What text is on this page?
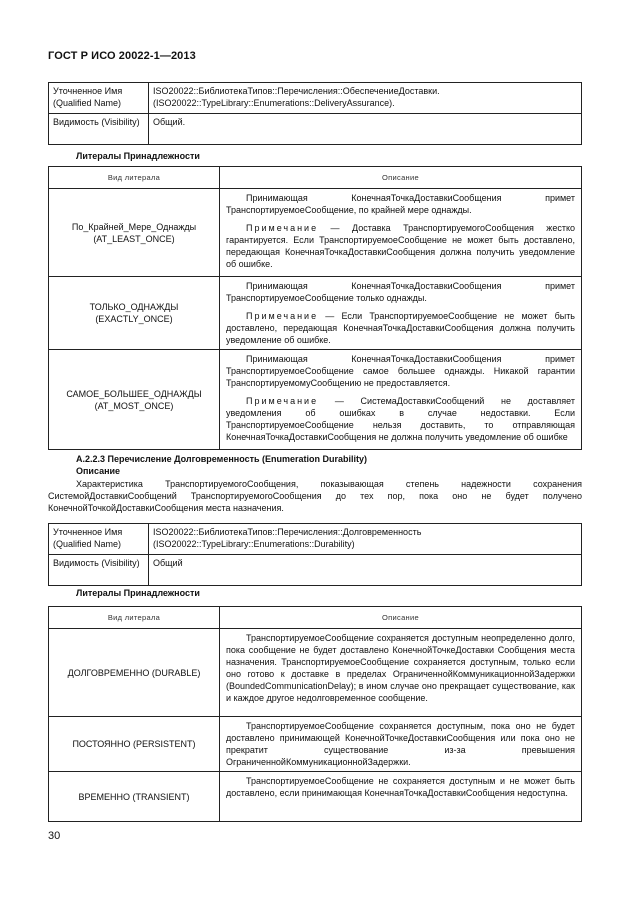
ГОСТ Р ИСО 20022-1—2013
Уточненное Имя (Qualified Name)	ISO20022::БиблиотекаТипов::Перечисления::ОбеспечениеДоставки.
(ISO20022::TypeLibrary::Enumerations::DeliveryAssurance).

Видимость (Visibility)	Общий.
Литералы Принадлежности
Вид литерала	Описание
По_Крайней_Мере_Однажды (AT_LEAST_ONCE)	Принимающая КонечнаяТочкаДоставкиСообщения примет ТранспортируемоеСообщение, по крайней мере однажды.

Примечание — Доставка ТранспортируемогоСообщения жестко гарантируется. Если ТранспортируемоеСообщение не может быть доставлено, передающая КонечнаяТочкаДоставкиСообщения должна получить уведомление об ошибке.

ТОЛЬКО_ОДНАЖДЫ (EXACTLY_ONCE)	Принимающая КонечнаяТочкаДоставкиСообщения примет ТранспортируемоеСообщение только однажды.

Примечание — Если ТранспортируемоеСообщение не может быть доставлено, передающая КонечнаяТочкаДоставкиСообщения должна получить уведомление об ошибке.

САМОЕ_БОЛЬШЕЕ_ОДНАЖДЫ (AT_MOST_ONCE)	Принимающая КонечнаяТочкаДоставкиСообщения примет ТранспортируемоеСообщение самое большее однажды. Никакой гарантии ТранспортируемомуСообщению не предоставляется.

Примечание — СистемаДоставкиСообщений не доставляет уведомления об ошибках в случае недоставки. Если ТранспортируемоеСообщение нельзя доставить, то отправляющая КонечнаяТочкаДоставкиСообщения не должна получить уведомление об ошибке

А.2.2.3 Перечисление Долговременность (Enumeration Durability)
Описание
Характеристика ТранспортируемогоСообщения, показывающая степень надежности сохранения СистемойДоставкиСообщений ТранспортируемогоСообщения до тех пор, пока оно не будет получено КонечнойТочкойДоставкиСообщения места назначения.
Уточненное Имя (Qualified Name)	ISO20022::БиблиотекаТипов::Перечисления::Долговременность
(ISO20022::TypeLibrary::Enumerations::Durability)

Видимость (Visibility)	Общий
Литералы Принадлежности
Вид литерала	Описание
ДОЛГОВРЕМЕННО (DURABLE)	ТранспортируемоеСообщение сохраняется доступным неопределенно долго, пока сообщение не будет доставлено КонечнойТочкеДоставки Сообщения места назначения. ТранспортируемоеСообщение сохраняется доступным, только если оно готово к доставке в пределах ОграниченнойКоммуникационнойЗадержки (BoundedCommunicationDelay); в ином случае оно прекращает существование, как и каждое другое недолговременное сообщение.

ПОСТОЯННО (PERSISTENT)	ТранспортируемоеСообщение сохраняется доступным, пока оно не будет доставлено принимающей КонечнойТочкеДоставкиСообщения или пока оно не прекратит существование из-за превышения ОграниченнойКоммуникационнойЗадержки.

ВРЕМЕННО (TRANSIENT)	ТранспортируемоеСообщение не сохраняется доступным и не может быть доставлено, если принимающая КонечнаяТочкаДоставкиСообщения недоступна.

30
